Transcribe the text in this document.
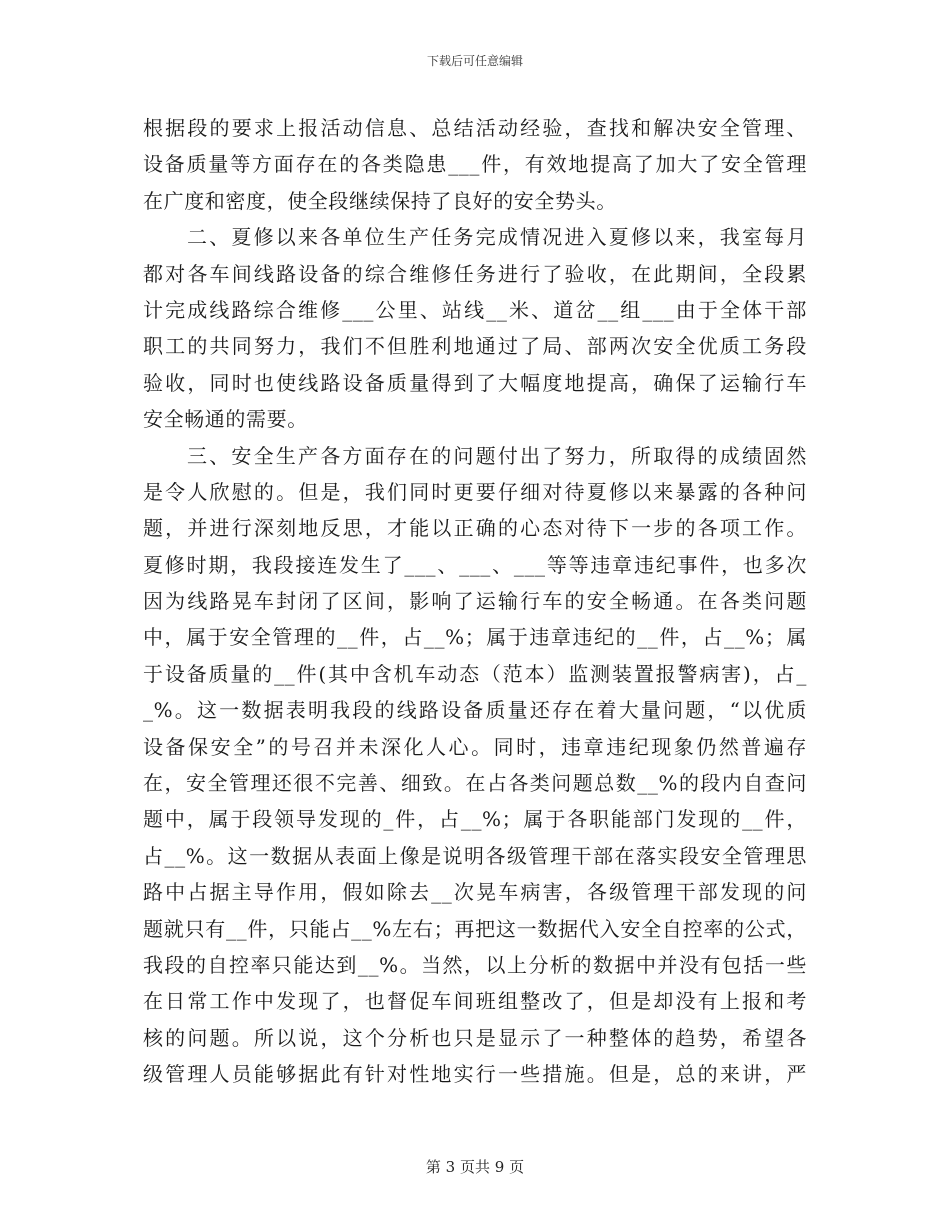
下载后可任意编辑
根据段的要求上报活动信息、总结活动经验，查找和解决安全管理、
设备质量等方面存在的各类隐患___件，有效地提高了加大了安全管理
在广度和密度，使全段继续保持了良好的安全势头。
二、夏修以来各单位生产任务完成情况进入夏修以来，我室每月
都对各车间线路设备的综合维修任务进行了验收，在此期间，全段累
计完成线路综合维修___公里、站线__米、道岔__组___由于全体干部
职工的共同努力，我们不但胜利地通过了局、部两次安全优质工务段
验收，同时也使线路设备质量得到了大幅度地提高，确保了运输行车
安全畅通的需要。
三、安全生产各方面存在的问题付出了努力，所取得的成绩固然
是令人欣慰的。但是，我们同时更要仔细对待夏修以来暴露的各种问
题，并进行深刻地反思，才能以正确的心态对待下一步的各项工作。
夏修时期，我段接连发生了___、___、___等等违章违纪事件，也多次
因为线路晃车封闭了区间，影响了运输行车的安全畅通。在各类问题
中，属于安全管理的__件，占__%；属于违章违纪的__件，占__%；属
于设备质量的__件(其中含机车动态（范本）监测装置报警病害)，占_
_%。这一数据表明我段的线路设备质量还存在着大量问题，“以优质
设备保安全”的号召并未深化人心。同时，违章违纪现象仍然普遍存
在，安全管理还很不完善、细致。在占各类问题总数__%的段内自查问
题中，属于段领导发现的_件，占__%；属于各职能部门发现的__件，
占__%。这一数据从表面上像是说明各级管理干部在落实段安全管理思
路中占据主导作用，假如除去__次晃车病害，各级管理干部发现的问
题就只有__件，只能占__%左右；再把这一数据代入安全自控率的公式，
我段的自控率只能达到__%。当然，以上分析的数据中并没有包括一些
在日常工作中发现了，也督促车间班组整改了，但是却没有上报和考
核的问题。所以说，这个分析也只是显示了一种整体的趋势，希望各
级管理人员能够据此有针对性地实行一些措施。但是，总的来讲，严
第 3 页共 9 页
